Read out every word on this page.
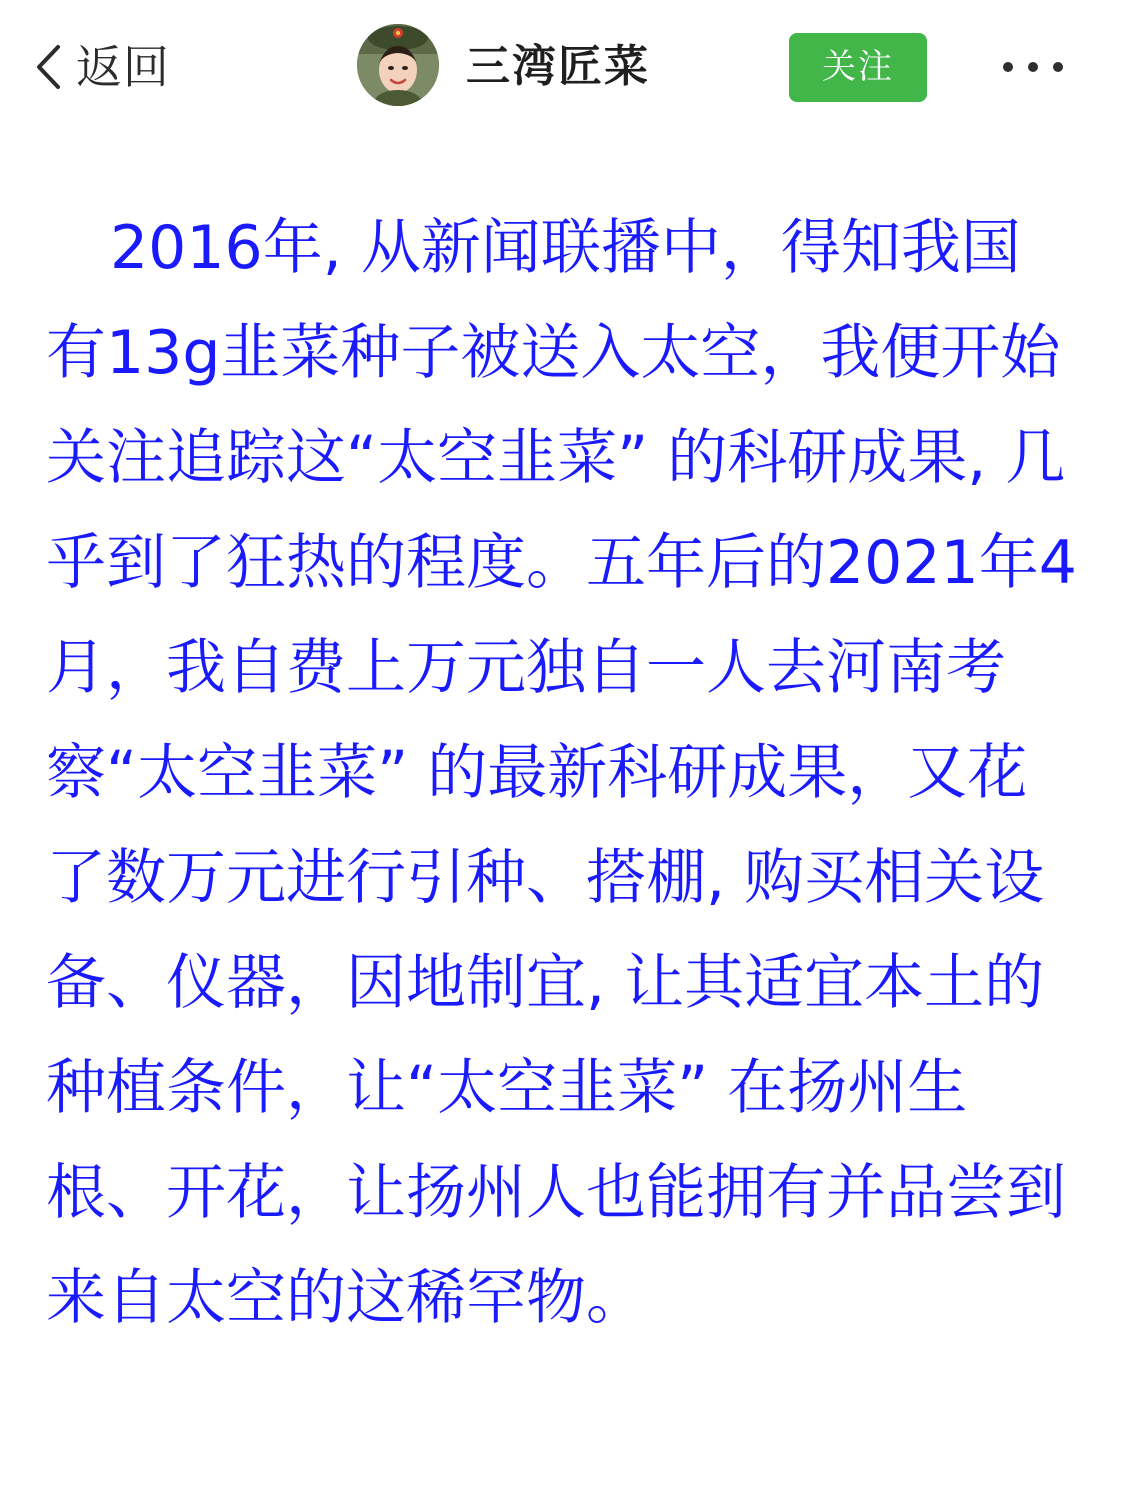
返回	三湾匠菜	关注

2016年, 从新闻联播中，得知我国有13g韭菜种子被送入太空，我便开始关注追踪这“太空韭菜” 的科研成果, 几乎到了狂热的程度。五年后的2021年4月，我自费上万元独自一人去河南考察“太空韭菜” 的最新科研成果，又花了数万元进行引种、搭棚, 购买相关设备、仪器，因地制宜, 让其适宜本土的种植条件，让“太空韭菜” 在扬州生根、开花，让扬州人也能拥有并品尝到来自太空的这稀罕物。
